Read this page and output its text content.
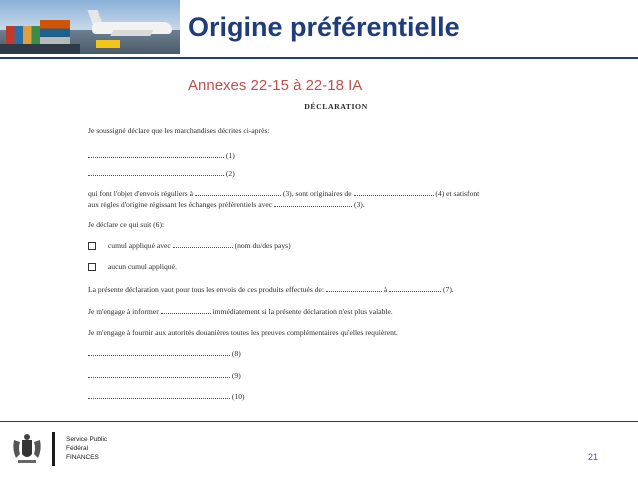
Origine préférentielle
Annexes 22-15 à 22-18 IA
DÉCLARATION
Je soussigné déclare que les marchandises décrites ci-après:
(1)
(2)
qui font l'objet d'envois réguliers à	(3), sont originaires de	(4) et satisfont
aux règles d'origine régissant les échanges préférentiels avec	(3).
Je déclare ce qui suit (6):
cumul appliqué avec	(nom du/des pays)
aucun cumul appliqué.
La présente déclaration vaut pour tous les envois de ces produits effectués de:	à	(7).
Je m'engage à informer	immédiatement si la présente déclaration n'est plus valable.
Je m'engage à fournir aux autorités douanières toutes les preuves complémentaires qu'elles requièrent.
(8)
(9)
(10)
Service Public
Fédéral
FINANCES	21
